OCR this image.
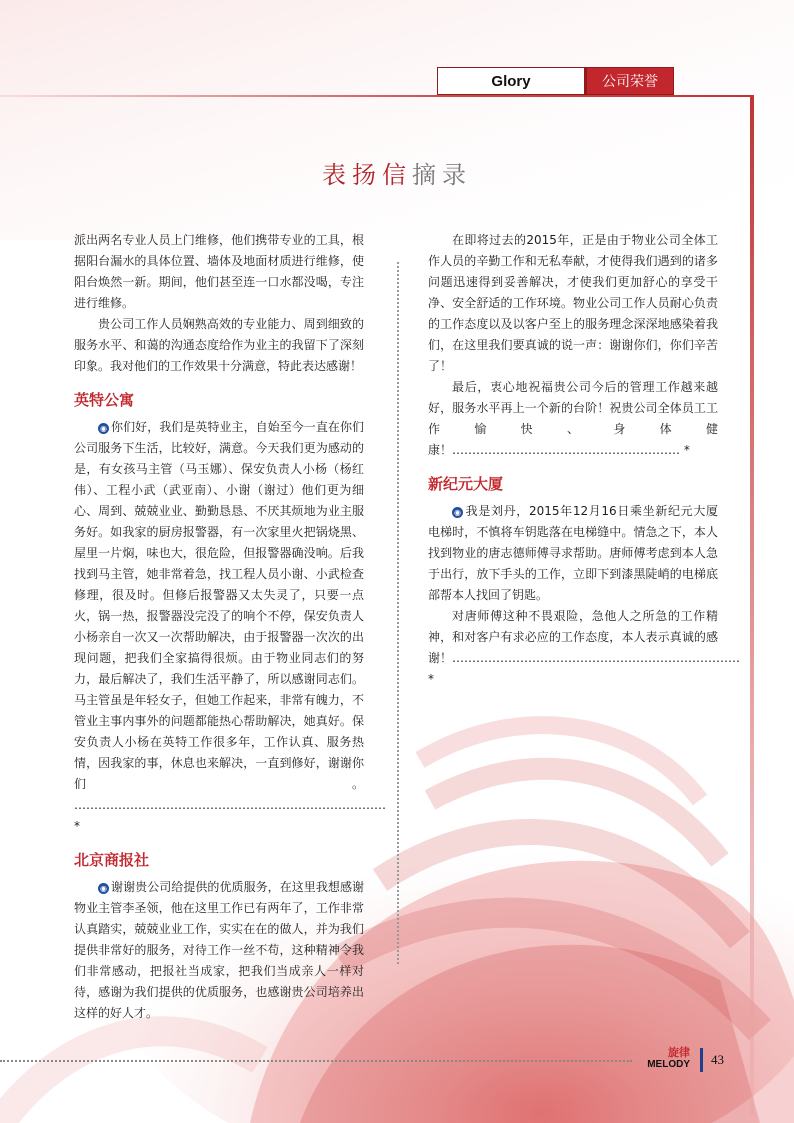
Glory	公司荣誉
表扬信摘录

派出两名专业人员上门维修，他们携带专业的工具，根据阳台漏水的具体位置、墙体及地面材质进行维修，使阳台焕然一新。期间，他们甚至连一口水都没喝，专注进行维修。

贵公司工作人员娴熟高效的专业能力、周到细致的服务水平、和蔼的沟通态度给作为业主的我留下了深刻印象。我对他们的工作效果十分满意，特此表达感谢！

英特公寓

◉ 你们好，我们是英特业主，自始至今一直在你们公司服务下生活，比较好，满意。今天我们更为感动的是，有女孩马主管（马玉娜）、保安负责人小杨（杨红伟）、工程小武（武亚南）、小谢（谢过）他们更为细心、周到、兢兢业业、勤勤恳恳、不厌其烦地为业主服务好。如我家的厨房报警器，有一次家里火把锅烧黑、屋里一片焖，味也大，很危险，但报警器确没响。后我找到马主管，她非常着急，找工程人员小谢、小武检查修理，很及时。但修后报警器又太失灵了，只要一点火，锅一热，报警器没完没了的响个不停，保安负责人小杨亲自一次又一次帮助解决，由于报警器一次次的出现问题，把我们全家搞得很烦。由于物业同志们的努力，最后解决了，我们生活平静了，所以感谢同志们。马主管虽是年轻女子，但她工作起来，非常有魄力，不管业主事内事外的问题都能热心帮助解决，她真好。保安负责人小杨在英特工作很多年，工作认真、服务热情，因我家的事，休息也来解决，一直到修好，谢谢你们。 …………………………………………………………………… *

北京商报社

◉ 谢谢贵公司给提供的优质服务，在这里我想感谢物业主管李圣领，他在这里工作已有两年了，工作非常认真踏实，兢兢业业工作，实实在在的做人，并为我们提供非常好的服务，对待工作一丝不苟，这种精神令我们非常感动，把报社当成家，把我们当成亲人一样对待，感谢为我们提供的优质服务，也感谢贵公司培养出这样的好人才。

在即将过去的2015年，正是由于物业公司全体工作人员的辛勤工作和无私奉献，才使得我们遇到的诸多问题迅速得到妥善解决，才使我们更加舒心的享受干净、安全舒适的工作环境。物业公司工作人员耐心负责的工作态度以及以客户至上的服务理念深深地感染着我们，在这里我们要真诚的说一声：谢谢你们，你们辛苦了！

最后，衷心地祝福贵公司今后的管理工作越来越好，服务水平再上一个新的台阶！祝贵公司全体员工工作愉快、身体健康！………………………………………………… *

新纪元大厦

◉ 我是刘丹，2015年12月16日乘坐新纪元大厦电梯时，不慎将车钥匙落在电梯缝中。情急之下，本人找到物业的唐志德师傅寻求帮助。唐师傅考虑到本人急于出行，放下手头的工作，立即下到漆黑陡峭的电梯底部帮本人找回了钥匙。

对唐师傅这种不畏艰险，急他人之所急的工作精神，和对客户有求必应的工作态度，本人表示真诚的感谢！……………………………………………………………… *

旋律
MELODY 43
